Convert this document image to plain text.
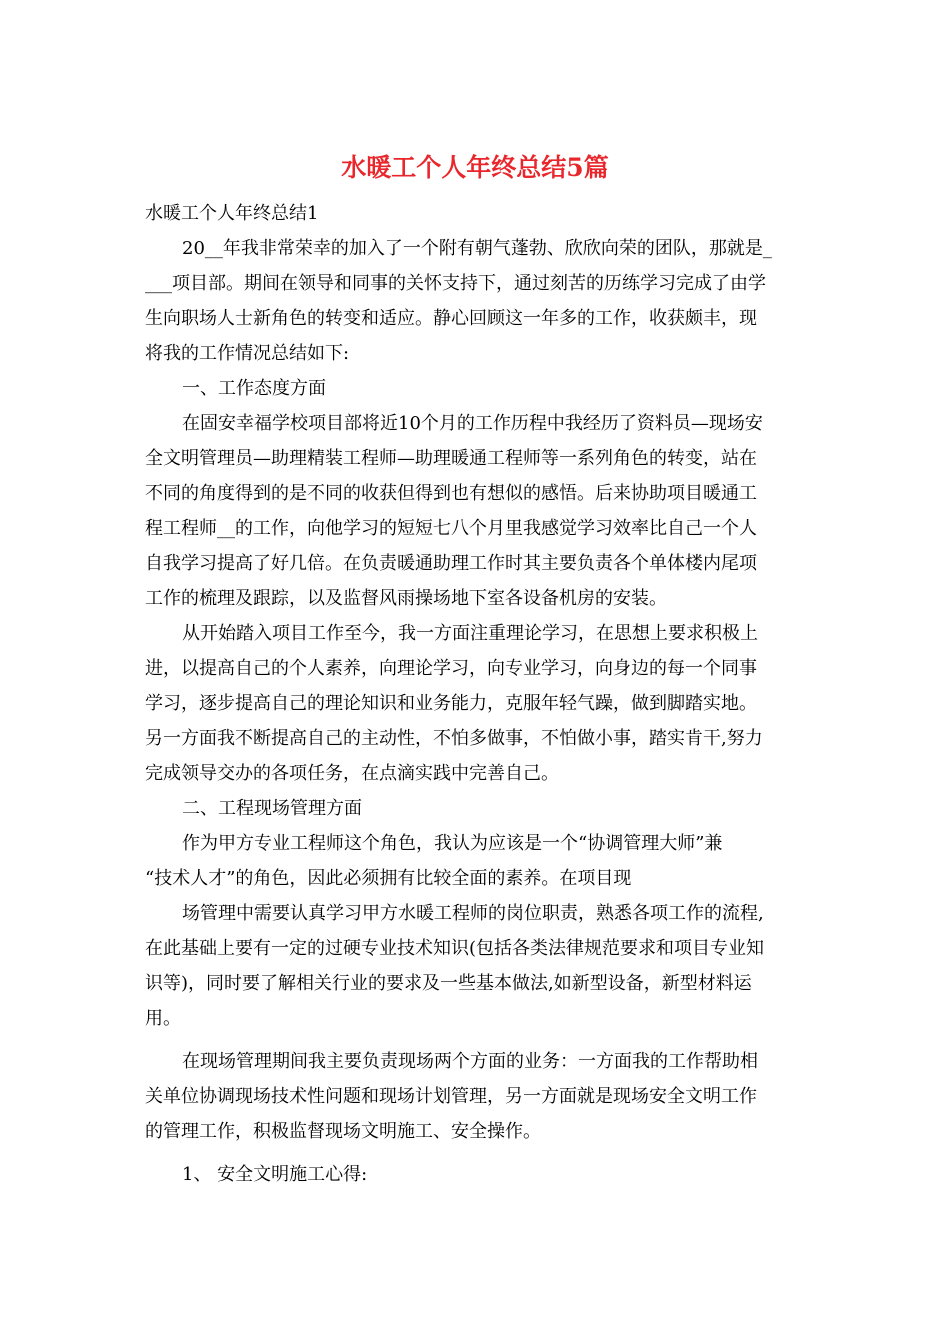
水暖工个人年终总结5篇

水暖工个人年终总结1

20__年我非常荣幸的加入了一个附有朝气蓬勃、欣欣向荣的团队，那就是_

___项目部。期间在领导和同事的关怀支持下，通过刻苦的历练学习完成了由学

生向职场人士新角色的转变和适应。静心回顾这一年多的工作，收获颇丰，现

将我的工作情况总结如下:

一、工作态度方面

在固安幸福学校项目部将近10个月的工作历程中我经历了资料员—现场安

全文明管理员—助理精装工程师—助理暖通工程师等一系列角色的转变，站在

不同的角度得到的是不同的收获但得到也有想似的感悟。后来协助项目暖通工

程工程师__的工作，向他学习的短短七八个月里我感觉学习效率比自己一个人

自我学习提高了好几倍。在负责暖通助理工作时其主要负责各个单体楼内尾项

工作的梳理及跟踪，以及监督风雨操场地下室各设备机房的安装。

从开始踏入项目工作至今，我一方面注重理论学习，在思想上要求积极上

进，以提高自己的个人素养，向理论学习，向专业学习，向身边的每一个同事

学习，逐步提高自己的理论知识和业务能力，克服年轻气躁，做到脚踏实地。

另一方面我不断提高自己的主动性，不怕多做事，不怕做小事，踏实肯干,努力

完成领导交办的各项任务，在点滴实践中完善自己。

二、工程现场管理方面

作为甲方专业工程师这个角色，我认为应该是一个“协调管理大师”兼

“技术人才”的角色，因此必须拥有比较全面的素养。在项目现

场管理中需要认真学习甲方水暖工程师的岗位职责，熟悉各项工作的流程,

在此基础上要有一定的过硬专业技术知识(包括各类法律规范要求和项目专业知

识等)，同时要了解相关行业的要求及一些基本做法,如新型设备，新型材料运

用。

在现场管理期间我主要负责现场两个方面的业务：一方面我的工作帮助相

关单位协调现场技术性问题和现场计划管理，另一方面就是现场安全文明工作

的管理工作，积极监督现场文明施工、安全操作。

1、 安全文明施工心得:
